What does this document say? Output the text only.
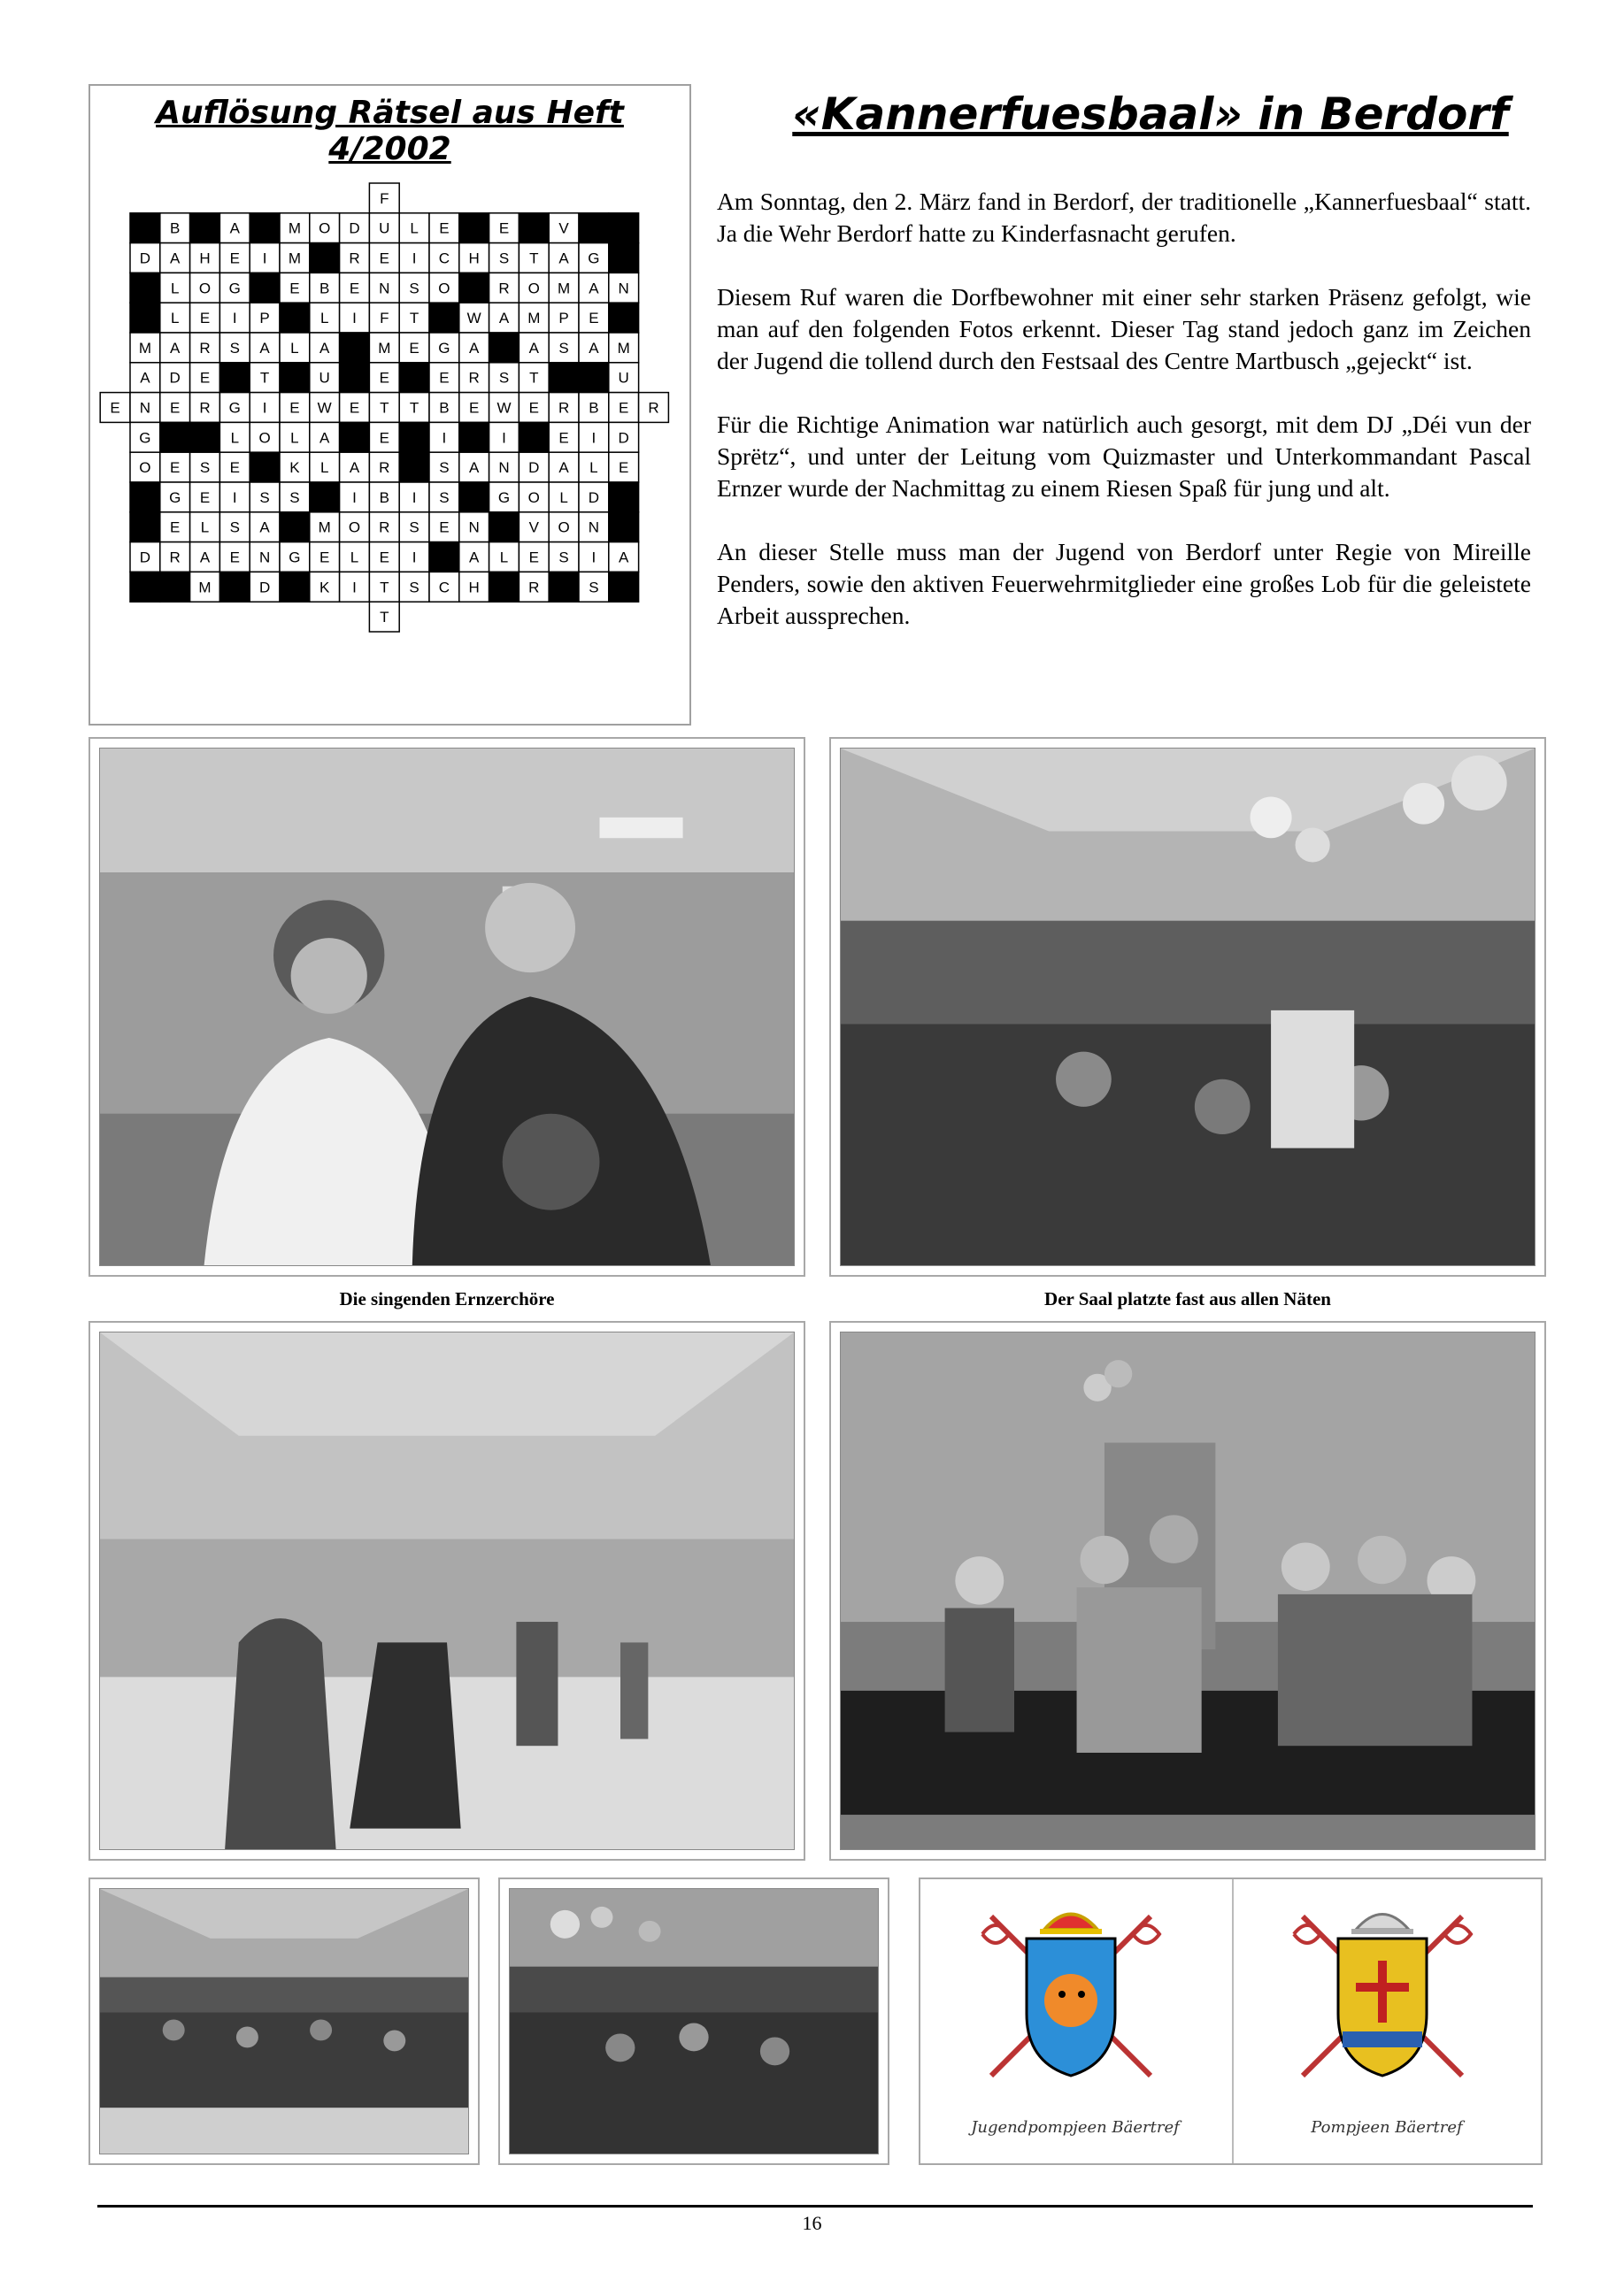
Auflösung Rätsel aus Heft 4/2002
F
B	A	M O D U L E	E	V
D A H E I M	R E I C H S T A G
L O G	E B E N S O	R O M A N
L E I P	L I F T	W A M P E
M A R S A L A	M E G A	A S A M
A D E	T	U	E	E R S T	U
E N E R G I E W E T T B E W E R B E R
G	L O L A	E	I	I	E I D
O E S E	K L A R	S A N D A L E
G E I S S	I B I S	G O L D
E L S A	M O R S E N	V O N
D R A E N G E L E I	A L E S I A
M	D	K I T S C H	R	S
T
«Kannerfuesbaal» in Berdorf

Am Sonntag, den 2. März fand in Berdorf, der traditionelle „Kannerfuesbaal“ statt. Ja die Wehr Berdorf hatte zu Kinderfasnacht gerufen.

Diesem Ruf waren die Dorfbewohner mit einer sehr starken Präsenz gefolgt, wie man auf den folgenden Fotos erkennt. Dieser Tag stand jedoch ganz im Zeichen der Jugend die tollend durch den Festsaal des Centre Martbusch „gejeckt“ ist.

Für die Richtige Animation war natürlich auch gesorgt, mit dem DJ „Déi vun der Sprëtz“, und unter der Leitung vom Quizmaster und Unterkommandant Pascal Ernzer wurde der Nachmittag zu einem Riesen Spaß für jung und alt.

An dieser Stelle muss man der Jugend von Berdorf unter Regie von Mireille Penders, sowie den aktiven Feuerwehrmitglieder eine großes Lob für die geleistete Arbeit aussprechen.

Die singenden Ernzerchöre	Der Saal platzte fast aus allen Näten
Jugendpompjeen Bäertref	Pompjeen Bäertref
16
